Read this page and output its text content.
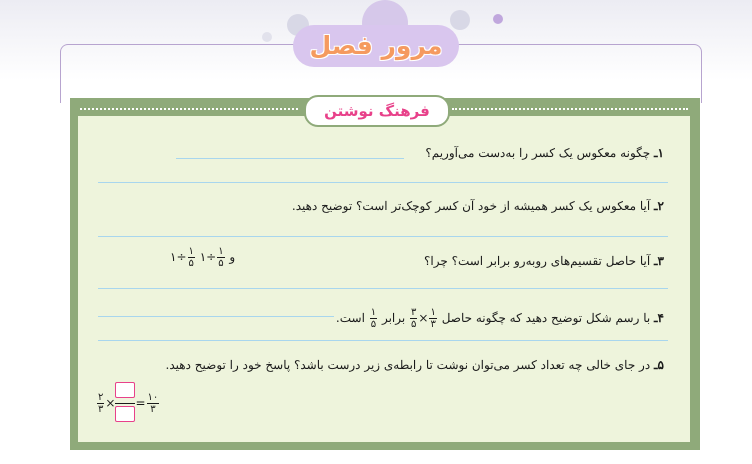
مرور فصل
فرهنگ نوشتن
۱ـ چگونه معکوس یک کسر را به‌دست می‌آوریم؟
۲ـ آیا معکوس یک کسر همیشه از خود آن کسر کوچک‌تر است؟ توضیح دهید.
۳ـ آیا حاصل تقسیم‌های روبه‌رو برابر است؟ چرا؟
۱÷ $\frac{۱}{۵}$	و
$\frac{۱}{۵}$
÷۱
۴ـ با رسم شکل توضیح دهید که چگونه حاصل
$\frac{۳}{۵} \times \frac{۱}{۳}$
برابر
$\frac{۱}{۵}$
است.
۵ـ در جای خالی چه تعداد کسر می‌توان نوشت تا رابطه‌ی زیر درست باشد؟ پاسخ خود را توضیح دهید.
$\frac{۲}{۳}$ × = $\frac{۱۰}{۳}$
